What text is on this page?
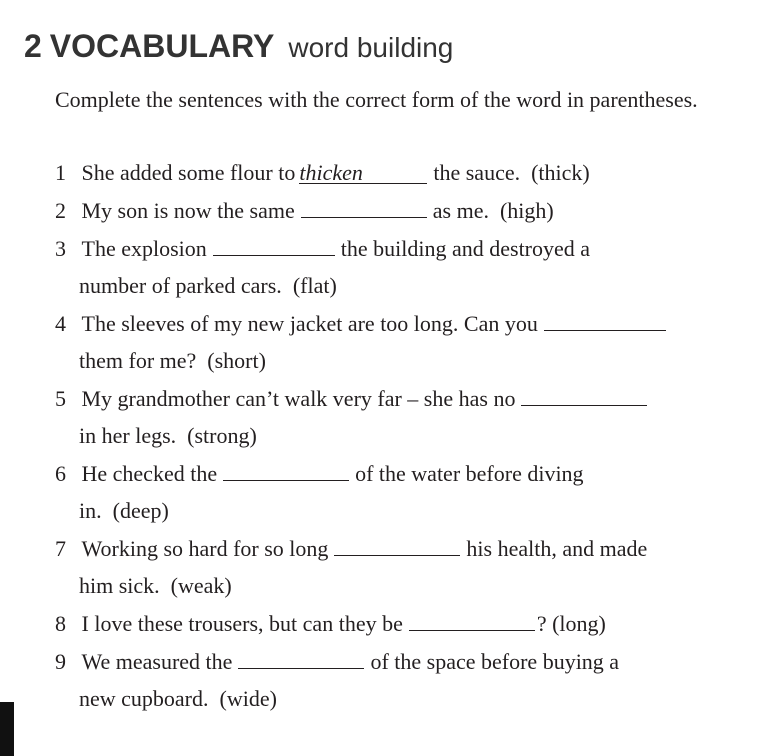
2 VOCABULARY word building
Complete the sentences with the correct form of the word in parentheses.
1 She added some flour to thicken	the sauce. (thick)
2 My son is now the same	as me. (high)
3 The explosion	the building and destroyed a
number of parked cars. (flat)
4 The sleeves of my new jacket are too long. Can you
them for me? (short)
5 My grandmother can’t walk very far – she has no
in her legs. (strong)
6 He checked the	of the water before diving
in. (deep)
7 Working so hard for so long	his health, and made
him sick. (weak)
8 I love these trousers, but can they be	? (long)
9 We measured the	of the space before buying a
new cupboard. (wide)
